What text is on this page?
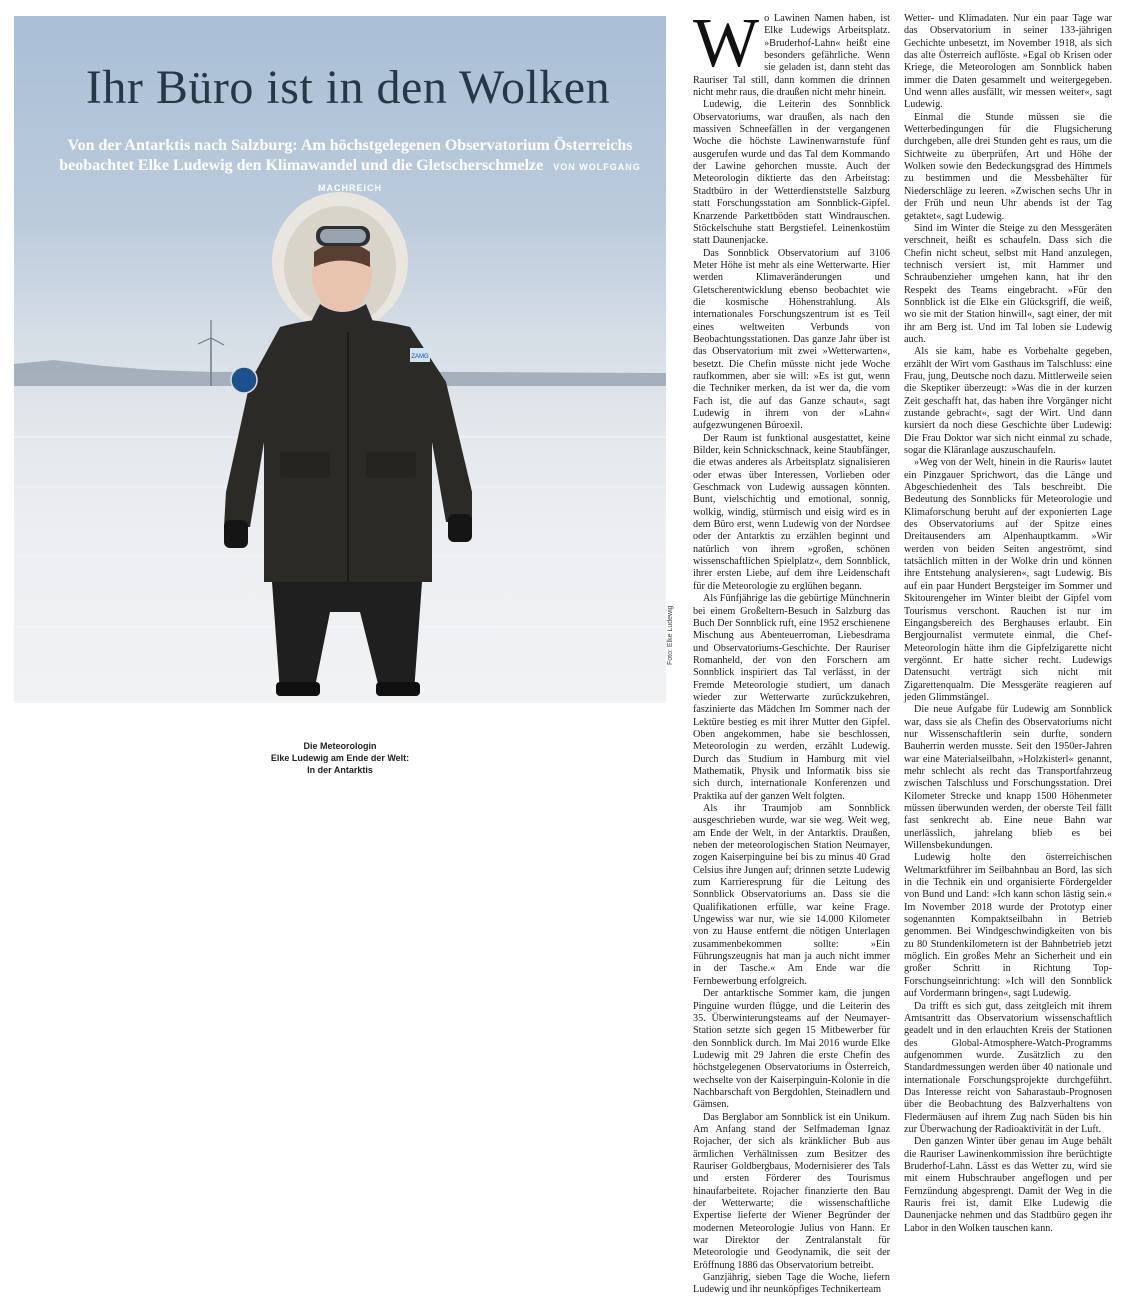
ZAMG
Ihr Büro ist in den Wolken
Von der Antarktis nach Salzburg: Am höchstgelegenen Observatorium Österreichs beobachtet Elke Ludewig den Klimawandel und die Gletscherschmelze VON WOLFGANG MACHREICH
Foto: Elke Ludewig
Die Meteorologin
Elke Ludewig am Ende der Welt:
In der Antarktis
W o Lawinen Namen haben, ist Elke Ludewigs Arbeitsplatz. »Bruderhof-Lahn« heißt eine besonders gefährliche. Wenn sie geladen ist, dann steht das Rauriser Tal still, dann kommen die drinnen nicht mehr raus, die draußen nicht mehr hinein.

Ludewig, die Leiterin des Sonnblick Observatoriums, war draußen, als nach den massiven Schneefällen in der vergangenen Woche die höchste Lawinenwarnstufe fünf ausgerufen wurde und das Tal dem Kommando der Lawine gehorchen musste. Auch der Meteorologin diktierte das den Arbeitstag: Stadtbüro in der Wetterdienststelle Salzburg statt Forschungsstation am Sonnblick-Gipfel. Knarzende Parkettböden statt Windrauschen. Stöckelschuhe statt Bergstiefel. Leinenkostüm statt Daunenjacke.

Das Sonnblick Observatorium auf 3106 Meter Höhe ist mehr als eine Wetterwarte. Hier werden Klimaveränderungen und Gletscherentwicklung ebenso beobachtet wie die kosmische Höhenstrahlung. Als internationales Forschungszentrum ist es Teil eines weltweiten Verbunds von Beobachtungsstationen. Das ganze Jahr über ist das Observatorium mit zwei »Wetterwarten«, besetzt. Die Chefin müsste nicht jede Woche raufkommen, aber sie will: »Es ist gut, wenn die Techniker merken, da ist wer da, die vom Fach ist, die auf das Ganze schaut«, sagt Ludewig in ihrem von der »Lahn« aufgezwungenen Büroexil.

Der Raum ist funktional ausgestattet, keine Bilder, kein Schnickschnack, keine Staubfänger, die etwas anderes als Arbeitsplatz signalisieren oder etwas über Interessen, Vorlieben oder Geschmack von Ludewig aussagen könnten. Bunt, vielschichtig und emotional, sonnig, wolkig, windig, stürmisch und eisig wird es in dem Büro erst, wenn Ludewig von der Nordsee oder der Antarktis zu erzählen beginnt und natürlich von ihrem »großen, schönen wissenschaftlichen Spielplatz«, dem Sonnblick, ihrer ersten Liebe, auf dem ihre Leidenschaft für die Meteorologie zu erglühen begann.

Als Fünfjährige las die gebürtige Münchnerin bei einem Großeltern-Besuch in Salzburg das Buch Der Sonnblick ruft, eine 1952 erschienene Mischung aus Abenteuerroman, Liebesdrama und Observatoriums-Geschichte. Der Rauriser Romanheld, der von den Forschern am Sonnblick inspiriert das Tal verlässt, in der Fremde Meteorologie studiert, um danach wieder zur Wetterwarte zurückzukehren, faszinierte das Mädchen Im Sommer nach der Lektüre bestieg es mit ihrer Mutter den Gipfel. Oben angekommen, habe sie beschlossen, Meteorologin zu werden, erzählt Ludewig. Durch das Studium in Hamburg mit viel Mathematik, Physik und Informatik biss sie sich durch, internationale Konferenzen und Praktika auf der ganzen Welt folgten.

Als ihr Traumjob am Sonnblick ausgeschrieben wurde, war sie weg. Weit weg, am Ende der Welt, in der Antarktis. Draußen, neben der meteorologischen Station Neumayer, zogen Kaiserpinguine bei bis zu minus 40 Grad Celsius ihre Jungen auf; drinnen setzte Ludewig zum Karrieresprung für die Leitung des Sonnblick Observatoriums an. Dass sie die Qualifikationen erfülle, war keine Frage. Ungewiss war nur, wie sie 14.000 Kilometer von zu Hause entfernt die nötigen Unterlagen zusammenbekommen sollte: »Ein Führungszeugnis hat man ja auch nicht immer in der Tasche.« Am Ende war die Fernbewerbung erfolgreich.

Der antarktische Sommer kam, die jungen Pinguine wurden flügge, und die Leiterin des 35. Überwinterungsteams auf der Neumayer-Station setzte sich gegen 15 Mitbewerber für den Sonnblick durch. Im Mai 2016 wurde Elke Ludewig mit 29 Jahren die erste Chefin des höchstgelegenen Observatoriums in Österreich, wechselte von der Kaiserpinguin-Kolonie in die Nachbarschaft von Bergdohlen, Steinadlern und Gämsen.

Das Berglabor am Sonnblick ist ein Unikum. Am Anfang stand der Selfmademan Ignaz Rojacher, der sich als kränklicher Bub aus ärmlichen Verhältnissen zum Besitzer des Rauriser Goldbergbaus, Modernisierer des Tals und ersten Förderer des Tourismus hinaufarbeitete. Rojacher finanzierte den Bau der Wetterwarte; die wissenschaftliche Expertise lieferte der Wiener Begründer der modernen Meteorologie Julius von Hann. Er war Direktor der Zentralanstalt für Meteorologie und Geodynamik, die seit der Eröffnung 1886 das Observatorium betreibt.

Ganzjährig, sieben Tage die Woche, liefern Ludewig und ihr neunköpfiges Technikerteam

Wetter- und Klimadaten. Nur ein paar Tage war das Observatorium in seiner 133-jährigen Gechichte unbesetzt, im November 1918, als sich das alte Österreich auflöste. »Egal ob Krisen oder Kriege, die Meteorologen am Sonnblick haben immer die Daten gesammelt und weitergegeben. Und wenn alles ausfällt, wir messen weiter«, sagt Ludewig.

Einmal die Stunde müssen sie die Wetterbedingungen für die Flugsicherung durchgeben, alle drei Stunden geht es raus, um die Sichtweite zu überprüfen, Art und Höhe der Wolken sowie den Bedeckungsgrad des Himmels zu bestimmen und die Messbehälter für Niederschläge zu leeren. »Zwischen sechs Uhr in der Früh und neun Uhr abends ist der Tag getaktet«, sagt Ludewig.

Sind im Winter die Steige zu den Messgeräten verschneit, heißt es schaufeln. Dass sich die Chefin nicht scheut, selbst mit Hand anzulegen, technisch versiert ist, mit Hammer und Schraubenzieher umgehen kann, hat ihr den Respekt des Teams eingebracht. »Für den Sonnblick ist die Elke ein Glücksgriff, die weiß, wo sie mit der Station hinwill«, sagt einer, der mit ihr am Berg ist. Und im Tal loben sie Ludewig auch.

Als sie kam, habe es Vorbehalte gegeben, erzählt der Wirt vom Gasthaus im Talschluss: eine Frau, jung, Deutsche noch dazu. Mittlerweile seien die Skeptiker überzeugt: »Was die in der kurzen Zeit geschafft hat, das haben ihre Vorgänger nicht zustande gebracht«, sagt der Wirt. Und dann kursiert da noch diese Geschichte über Ludewig: Die Frau Doktor war sich nicht einmal zu schade, sogar die Kläranlage auszuschaufeln.

»Weg von der Welt, hinein in die Rauris« lautet ein Pinzgauer Sprichwort, das die Länge und Abgeschiedenheit des Tals beschreibt. Die Bedeutung des Sonnblicks für Meteorologie und Klimaforschung beruht auf der exponierten Lage des Observatoriums auf der Spitze eines Dreitausenders am Alpenhauptkamm. »Wir werden von beiden Seiten angeströmt, sind tatsächlich mitten in der Wolke drin und können ihre Entstehung analysieren«, sagt Ludewig. Bis auf ein paar Hundert Bergsteiger im Sommer und Skitourengeher im Winter bleibt der Gipfel vom Tourismus verschont. Rauchen ist nur im Eingangsbereich des Berghauses erlaubt. Ein Bergjournalist vermutete einmal, die Chef-Meteorologin hätte ihm die Gipfelzigarette nicht vergönnt. Er hatte sicher recht. Ludewigs Datensucht verträgt sich nicht mit Zigarettenqualm. Die Messgeräte reagieren auf jeden Glimmstängel.

Die neue Aufgabe für Ludewig am Sonnblick war, dass sie als Chefin des Observatoriums nicht nur Wissenschaftlerin sein durfte, sondern Bauherrin werden musste. Seit den 1950er-Jahren war eine Materialseilbahn, »Holzkisterl« genannt, mehr schlecht als recht das Transportfahrzeug zwischen Talschluss und Forschungsstation. Drei Kilometer Strecke und knapp 1500 Höhenmeter müssen überwunden werden, der oberste Teil fällt fast senkrecht ab. Eine neue Bahn war unerlässlich, jahrelang blieb es bei Willensbekundungen.

Ludewig holte den österreichischen Weltmarktführer im Seilbahnbau an Bord, las sich in die Technik ein und organisierte Fördergelder von Bund und Land: »Ich kann schon lästig sein.« Im November 2018 wurde der Prototyp einer sogenannten Kompaktseilbahn in Betrieb genommen. Bei Windgeschwindigkeiten von bis zu 80 Stundenkilometern ist der Bahnbetrieb jetzt möglich. Ein großes Mehr an Sicherheit und ein großer Schritt in Richtung Top-Forschungseinrichtung: »Ich will den Sonnblick auf Vordermann bringen«, sagt Ludewig.

Da trifft es sich gut, dass zeitgleich mit ihrem Amtsantritt das Observatorium wissenschaftlich geadelt und in den erlauchten Kreis der Stationen des Global-Atmosphere-Watch-Programms aufgenommen wurde. Zusätzlich zu den Standardmessungen werden über 40 nationale und internationale Forschungsprojekte durchgeführt. Das Interesse reicht von Saharastaub-Prognosen über die Beobachtung des Balzverhaltens von Fledermäusen auf ihrem Zug nach Süden bis hin zur Überwachung der Radioaktivität in der Luft.

Den ganzen Winter über genau im Auge behält die Rauriser Lawinenkommission ihre berüchtigte Bruderhof-Lahn. Lässt es das Wetter zu, wird sie mit einem Hubschrauber angeflogen und per Fernzündung abgesprengt. Damit der Weg in die Rauris frei ist, damit Elke Ludewig die Daunenjacke nehmen und das Stadtbüro gegen ihr Labor in den Wolken tauschen kann.
